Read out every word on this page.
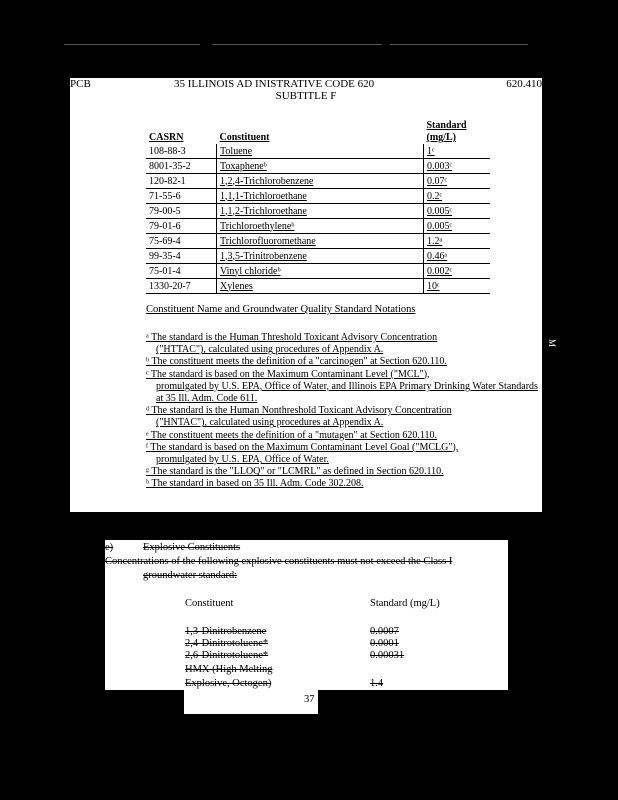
PCB	35 ILLINOIS AD INISTRATIVE CODE 620	620.410
SUBTITLE F
CASRN	Constituent	Standard (mg/L)
108-88-3	Toluene	1ᶜ
8001-35-2	Toxapheneᵇ	0.003ᶜ
120-82-1	1,2,4-Trichlorobenzene	0.07ᶜ
71-55-6	1,1,1-Trichloroethane	0.2ᶜ
79-00-5	1,1,2-Trichloroethane	0.005ᶜ
79-01-6	Trichloroethyleneᵇ	0.005ᶜ
75-69-4	Trichlorofluoromethane	1.2ᵃ
99-35-4	1,3,5-Trinitrobenzene	0.46ᵃ
75-01-4	Vinyl chlorideᵇ	0.002ᶜ
1330-20-7	Xylenes	10ᶜ
Constituent Name and Groundwater Quality Standard Notations
ᵃ The standard is the Human Threshold Toxicant Advisory Concentration
("HTTAC"), calculated using procedures of Appendix A.
ᵇ The constituent meets the definition of a "carcinogen" at Section 620.110.
ᶜ The standard is based on the Maximum Contaminant Level ("MCL"),
promulgated by U.S. EPA, Office of Water, and Illinois EPA Primary Drinking Water Standards at 35 Ill. Adm. Code 611.
ᵈ The standard is the Human Nonthreshold Toxicant Advisory Concentration
("HNTAC"), calculated using procedures at Appendix A.
ᵉ The constituent meets the definition of a "mutagen" at Section 620.110.
ᶠ The standard is based on the Maximum Contaminant Level Goal ("MCLG"),
promulgated by U.S. EPA, Office of Water.
ᵍ The standard is the "LLOQ" or "LCMRL" as defined in Section 620.110.
ʰ The standard in based on 35 Ill. Adm. Code 302.208.
e)	Explosive Constituents
Concentrations of the following explosive constituents must not exceed the Class I
groundwater standard:
Constituent	Standard (mg/L)
1,3-Dinitrobenzene	0.0007
2,4-Dinitrotoluene*	0.0001
2,6-Dinitrotoluene*	0.00031
HMX (High Melting
Explosive, Octogen)	1.4
37
M
